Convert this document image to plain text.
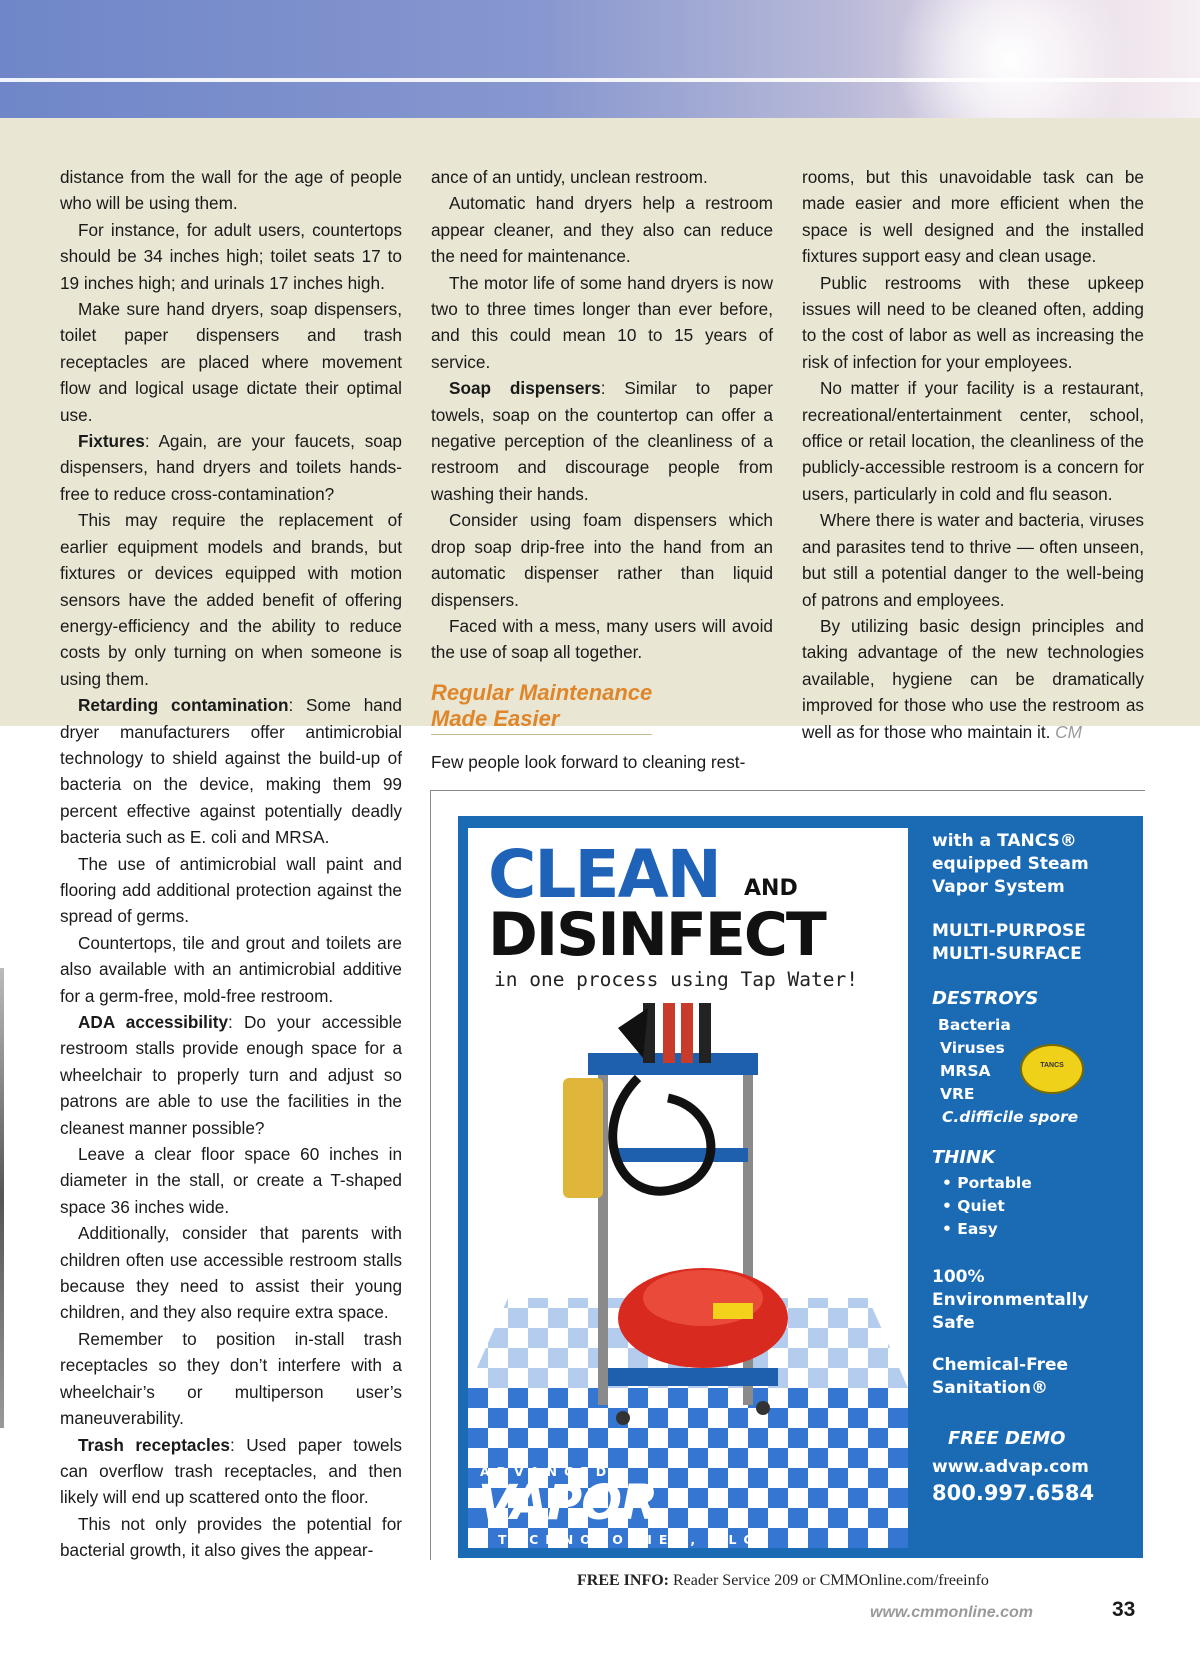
distance from the wall for the age of people who will be using them.

For instance, for adult users, countertops should be 34 inches high; toilet seats 17 to 19 inches high; and urinals 17 inches high.

Make sure hand dryers, soap dispensers, toilet paper dispensers and trash receptacles are placed where movement flow and logical usage dictate their optimal use.

Fixtures: Again, are your faucets, soap dispensers, hand dryers and toilets hands-free to reduce cross-contamination?

This may require the replacement of earlier equipment models and brands, but fixtures or devices equipped with motion sensors have the added benefit of offering energy-efficiency and the ability to reduce costs by only turning on when someone is using them.

Retarding contamination: Some hand dryer manufacturers offer antimicrobial technology to shield against the build-up of bacteria on the device, making them 99 percent effective against potentially deadly bacteria such as E. coli and MRSA.

The use of antimicrobial wall paint and flooring add additional protection against the spread of germs.

Countertops, tile and grout and toilets are also available with an antimicrobial additive for a germ-free, mold-free restroom.

ADA accessibility: Do your accessible restroom stalls provide enough space for a wheelchair to properly turn and adjust so patrons are able to use the facilities in the cleanest manner possible?

Leave a clear floor space 60 inches in diameter in the stall, or create a T-shaped space 36 inches wide.

Additionally, consider that parents with children often use accessible restroom stalls because they need to assist their young children, and they also require extra space.

Remember to position in-stall trash receptacles so they don’t interfere with a wheelchair’s or multiperson user’s maneuverability.

Trash receptacles: Used paper towels can overflow trash receptacles, and then likely will end up scattered onto the floor.

This not only provides the potential for bacterial growth, it also gives the appear-

ance of an untidy, unclean restroom.

Automatic hand dryers help a restroom appear cleaner, and they also can reduce the need for maintenance.

The motor life of some hand dryers is now two to three times longer than ever before, and this could mean 10 to 15 years of service.

Soap dispensers: Similar to paper towels, soap on the countertop can offer a negative perception of the cleanliness of a restroom and discourage people from washing their hands.

Consider using foam dispensers which drop soap drip-free into the hand from an automatic dispenser rather than liquid dispensers.

Faced with a mess, many users will avoid the use of soap all together.

Regular Maintenance
Made Easier

Few people look forward to cleaning rest-

rooms, but this unavoidable task can be made easier and more efficient when the space is well designed and the installed fixtures support easy and clean usage.

Public restrooms with these upkeep issues will need to be cleaned often, adding to the cost of labor as well as increasing the risk of infection for your employees.

No matter if your facility is a restaurant, recreational/entertainment center, school, office or retail location, the cleanliness of the publicly-accessible restroom is a concern for users, particularly in cold and flu season.

Where there is water and bacteria, viruses and parasites tend to thrive — often unseen, but still a potential danger to the well-being of patrons and employees.

By utilizing basic design principles and taking advantage of the new technologies available, hygiene can be dramatically improved for those who use the restroom as well as for those who maintain it. CM

CLEAN AND
DISINFECT
in one process using Tap Water!
with a TANCS®
equipped Steam
Vapor System
MULTI-PURPOSE
MULTI-SURFACE
DESTROYS
Bacteria
Viruses
MRSA
VRE
C.difficile spore
THINK
• Portable
• Quiet
• Easy
100%
Environmentally
Safe
Chemical-Free
Sanitation®
FREE DEMO
www.advap.com
800.997.6584
TANCS
ADVANCED
VAPOR
TECHNOLOGIES, LLC
FREE INFO: Reader Service 209 or CMMOnline.com/freeinfo
www.cmmonline.com	33
